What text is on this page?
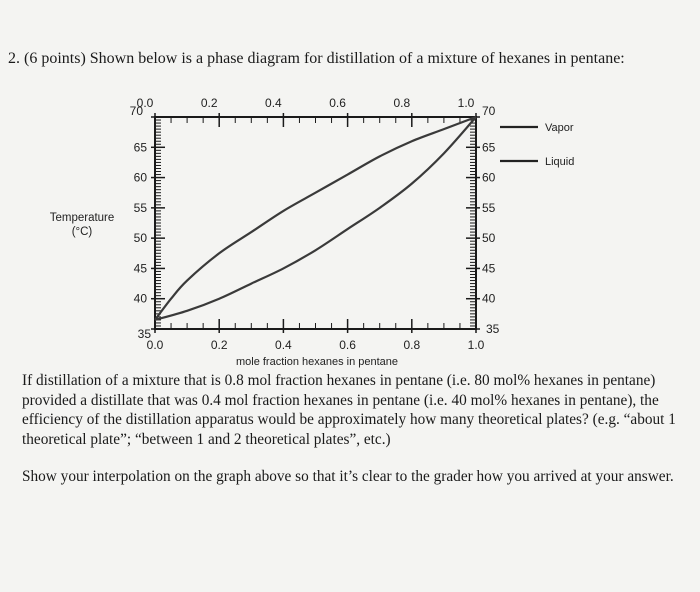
2. (6 points) Shown below is a phase diagram for distillation of a mixture of hexanes in pentane:
0.0	0.2	0.4	0.6	0.8	1.0
0.0	0.2	0.4	0.6	0.8	1.0
35
40
45
50
55
60
65
70
35
40
45
50
55
60
65
70
Vapor
Liquid
Temperature
(°C)
mole fraction hexanes in pentane
If distillation of a mixture that is 0.8 mol fraction hexanes in pentane (i.e. 80 mol% hexanes in pentane) provided a distillate that was 0.4 mol fraction hexanes in pentane (i.e. 40 mol% hexanes in pentane), the efficiency of the distillation apparatus would be approximately how many theoretical plates? (e.g. “about 1 theoretical plate”; “between 1 and 2 theoretical plates”, etc.)
Show your interpolation on the graph above so that it’s clear to the grader how you arrived at your answer.
